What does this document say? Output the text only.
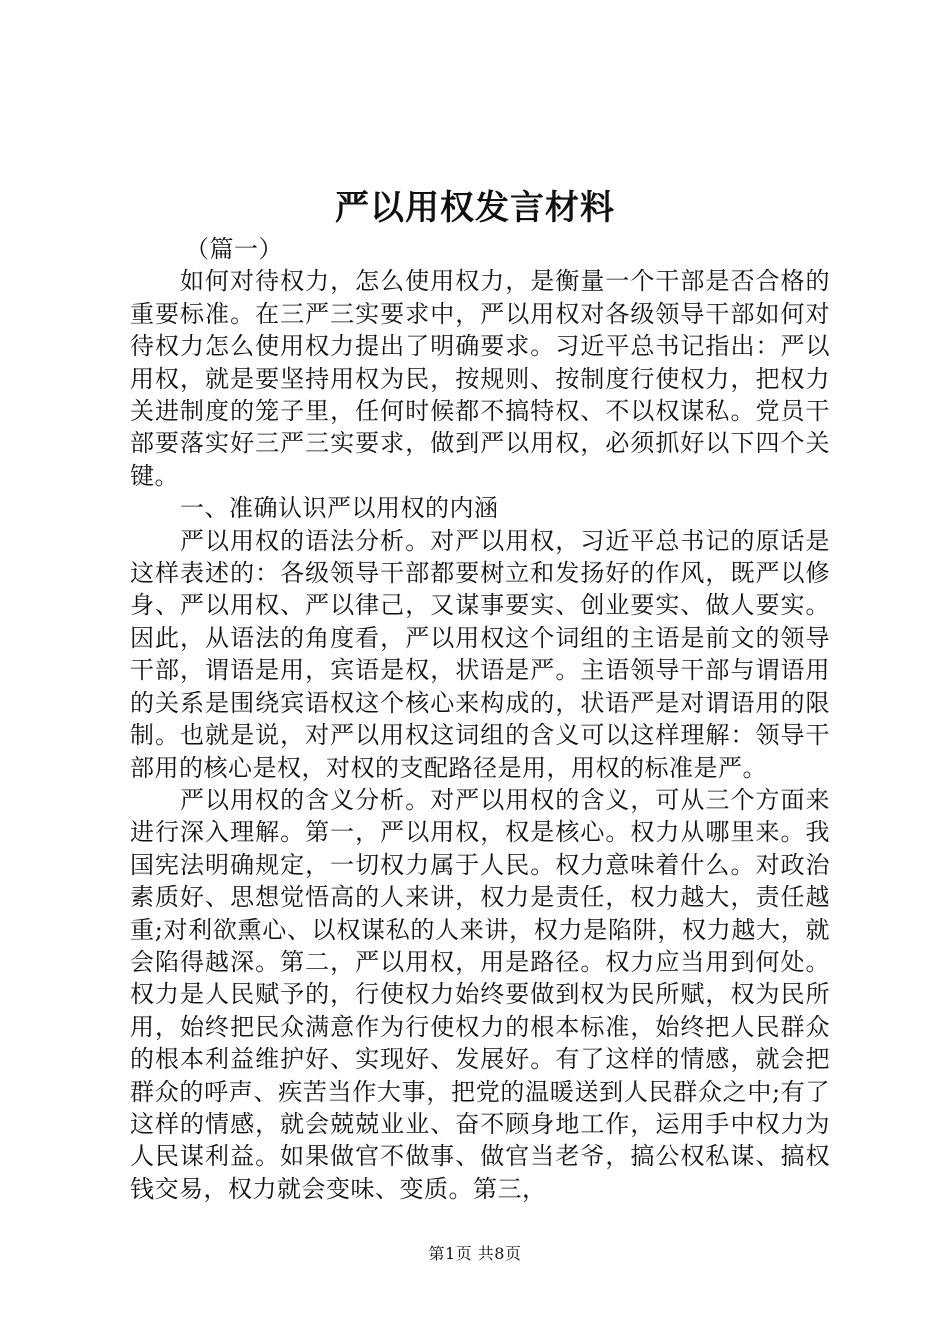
严以用权发言材料

（篇一）

如何对待权力，怎么使用权力，是衡量一个干部是否合格的重要标准。在三严三实要求中，严以用权对各级领导干部如何对待权力怎么使用权力提出了明确要求。习近平总书记指出：严以用权，就是要坚持用权为民，按规则、按制度行使权力，把权力关进制度的笼子里，任何时候都不搞特权、不以权谋私。党员干部要落实好三严三实要求，做到严以用权，必须抓好以下四个关键。

一、准确认识严以用权的内涵

严以用权的语法分析。对严以用权，习近平总书记的原话是这样表述的：各级领导干部都要树立和发扬好的作风，既严以修身、严以用权、严以律己，又谋事要实、创业要实、做人要实。因此，从语法的角度看，严以用权这个词组的主语是前文的领导干部，谓语是用，宾语是权，状语是严。主语领导干部与谓语用的关系是围绕宾语权这个核心来构成的，状语严是对谓语用的限制。也就是说，对严以用权这词组的含义可以这样理解：领导干部用的核心是权，对权的支配路径是用，用权的标准是严。

严以用权的含义分析。对严以用权的含义，可从三个方面来进行深入理解。第一，严以用权，权是核心。权力从哪里来。我国宪法明确规定，一切权力属于人民。权力意味着什么。对政治素质好、思想觉悟高的人来讲，权力是责任，权力越大，责任越重;对利欲熏心、以权谋私的人来讲，权力是陷阱，权力越大，就会陷得越深。第二，严以用权，用是路径。权力应当用到何处。权力是人民赋予的，行使权力始终要做到权为民所赋，权为民所用，始终把民众满意作为行使权力的根本标准，始终把人民群众的根本利益维护好、实现好、发展好。有了这样的情感，就会把群众的呼声、疾苦当作大事，把党的温暖送到人民群众之中;有了这样的情感，就会兢兢业业、奋不顾身地工作，运用手中权力为人民谋利益。如果做官不做事、做官当老爷，搞公权私谋、搞权钱交易，权力就会变味、变质。第三，

第1页 共8页
